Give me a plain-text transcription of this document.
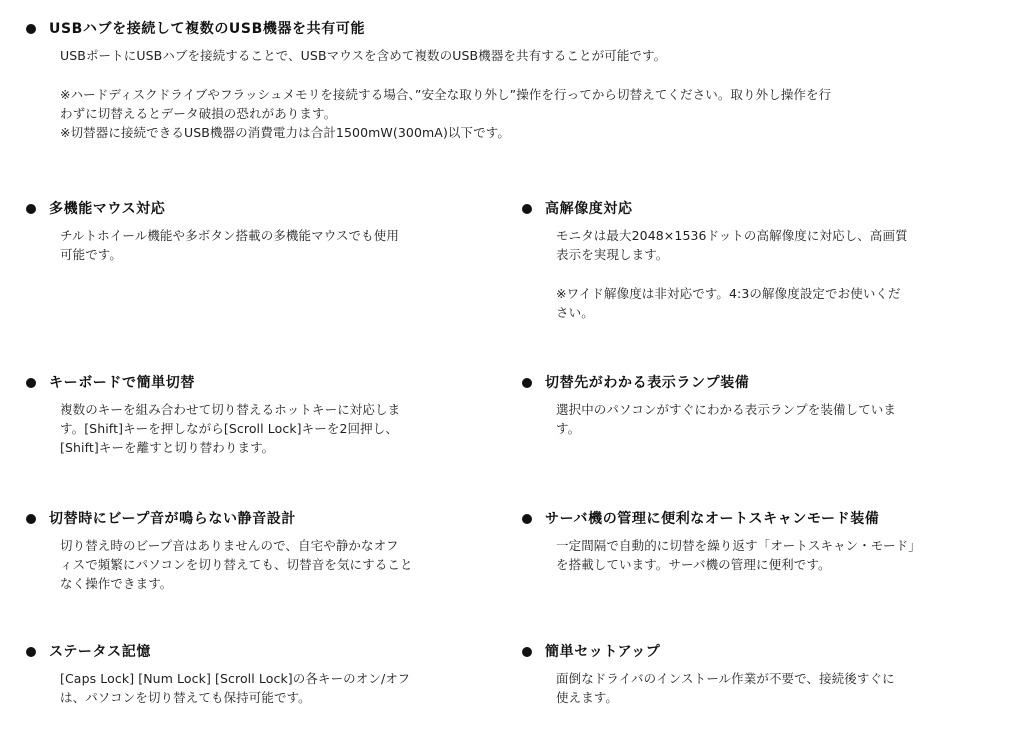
USBハブを接続して複数のUSB機器を共有可能

USBポートにUSBハブを接続することで、USBマウスを含めて複数のUSB機器を共有することが可能です。

※ハードディスクドライブやフラッシュメモリを接続する場合、”安全な取り外し”操作を行ってから切替えてください。取り外し操作を行
わずに切替えるとデータ破損の恐れがあります。
※切替器に接続できるUSB機器の消費電力は合計1500mW(300mA)以下です。

多機能マウス対応

チルトホイール機能や多ボタン搭載の多機能マウスでも使用
可能です。

キーボードで簡単切替

複数のキーを組み合わせて切り替えるホットキーに対応しま
す。[Shift]キーを押しながら[Scroll Lock]キーを2回押し、
[Shift]キーを離すと切り替わります。

切替時にビープ音が鳴らない静音設計

切り替え時のビープ音はありませんので、自宅や静かなオフ
ィスで頻繁にパソコンを切り替えても、切替音を気にすること
なく操作できます。

ステータス記憶

[Caps Lock] [Num Lock] [Scroll Lock]の各キーのオン/オフ
は、パソコンを切り替えても保持可能です。

高解像度対応

モニタは最大2048×1536ドットの高解像度に対応し、高画質
表示を実現します。

※ワイド解像度は非対応です。4:3の解像度設定でお使いくだ
さい。

切替先がわかる表示ランプ装備

選択中のパソコンがすぐにわかる表示ランプを装備していま
す。

サーバ機の管理に便利なオートスキャンモード装備

一定間隔で自動的に切替を繰り返す「オートスキャン・モード」
を搭載しています。サーバ機の管理に便利です。

簡単セットアップ

面倒なドライバのインストール作業が不要で、接続後すぐに
使えます。
